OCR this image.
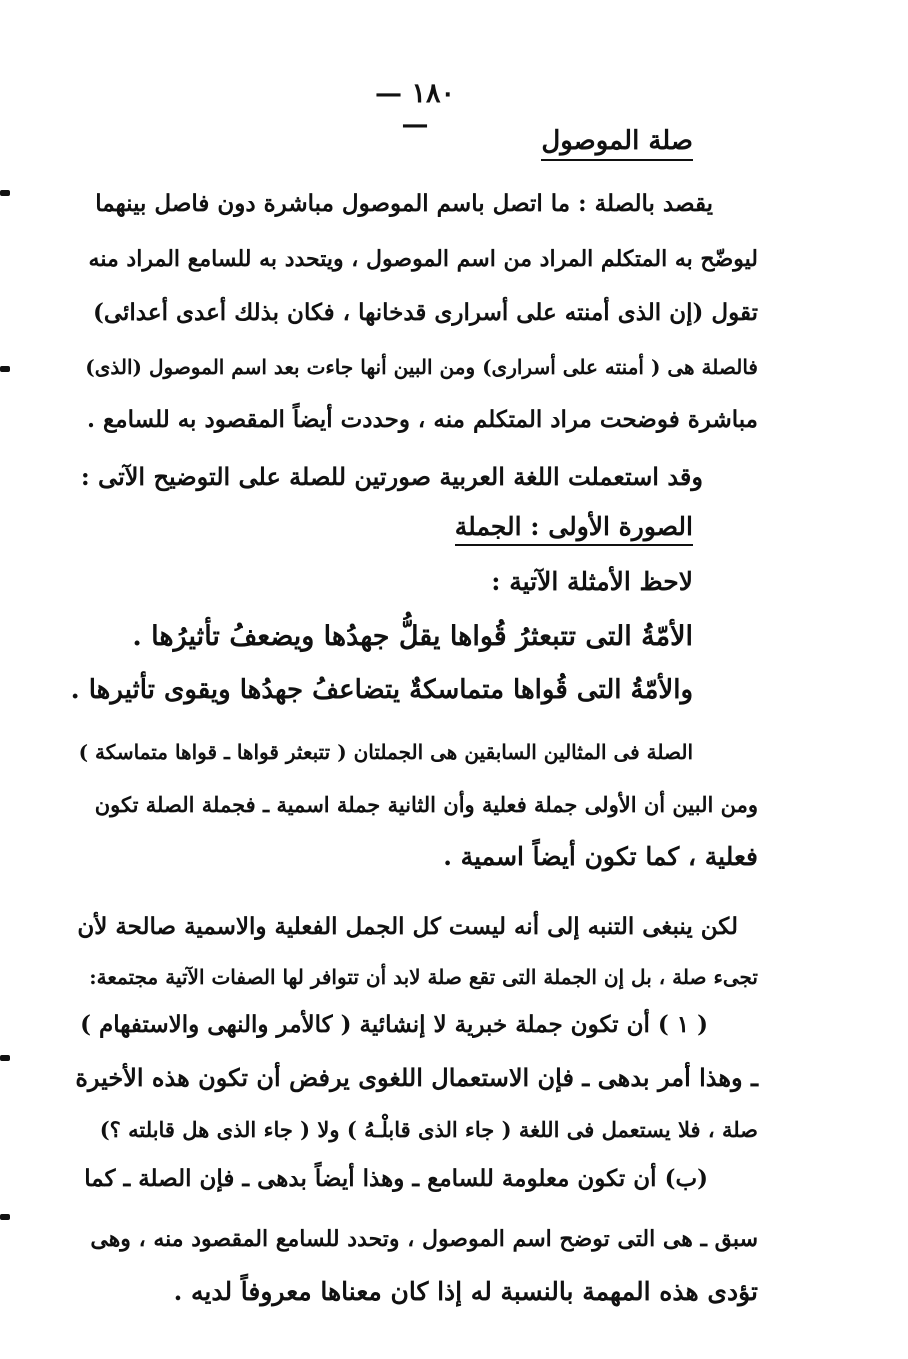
— ١٨٠ —
صلة الموصول
يقصد بالصلة : ما اتصل باسم الموصول مباشرة دون فاصل بينهما
ليوضّح به المتكلم المراد من اسم الموصول ، ويتحدد به للسامع المراد منه
تقول (إن الذى أمنته على أسرارى قدخانها ، فكان بذلك أعدى أعدائى)
فالصلة هى ( أمنته على أسرارى) ومن البين أنها جاءت بعد اسم الموصول (الذى)
مباشرة فوضحت مراد المتكلم منه ، وحددت أيضاً المقصود به للسامع .
وقد استعملت اللغة العربية صورتين للصلة على التوضيح الآتى :
الصورة الأولى : الجملة
لاحظ الأمثلة الآتية :
الأمّةُ التى تتبعثرُ قُواها يقلُّ جهدُها ويضعفُ تأثيرُها .
والأمّةُ التى قُواها متماسكةٌ يتضاعفُ جهدُها ويقوى تأثيرها .
الصلة فى المثالين السابقين هى الجملتان ( تتبعثر قواها ـ قواها متماسكة )
ومن البين أن الأولى جملة فعلية وأن الثانية جملة اسمية ـ فجملة الصلة تكون
فعلية ، كما تكون أيضاً اسمية .
لكن ينبغى التنبه إلى أنه ليست كل الجمل الفعلية والاسمية صالحة لأن
تجىء صلة ، بل إن الجملة التى تقع صلة لابد أن تتوافر لها الصفات الآتية مجتمعة:
( ١ ) أن تكون جملة خبرية لا إنشائية ( كالأمر والنهى والاستفهام )
ـ وهذا أمر بدهى ـ فإن الاستعمال اللغوى يرفض أن تكون هذه الأخيرة
صلة ، فلا يستعمل فى اللغة ( جاء الذى قابلْـهُ ) ولا ( جاء الذى هل قابلته ؟)
(ب) أن تكون معلومة للسامع ـ وهذا أيضاً بدهى ـ فإن الصلة ـ كما
سبق ـ هى التى توضح اسم الموصول ، وتحدد للسامع المقصود منه ، وهى
تؤدى هذه المهمة بالنسبة له إذا كان معناها معروفاً لديه .
